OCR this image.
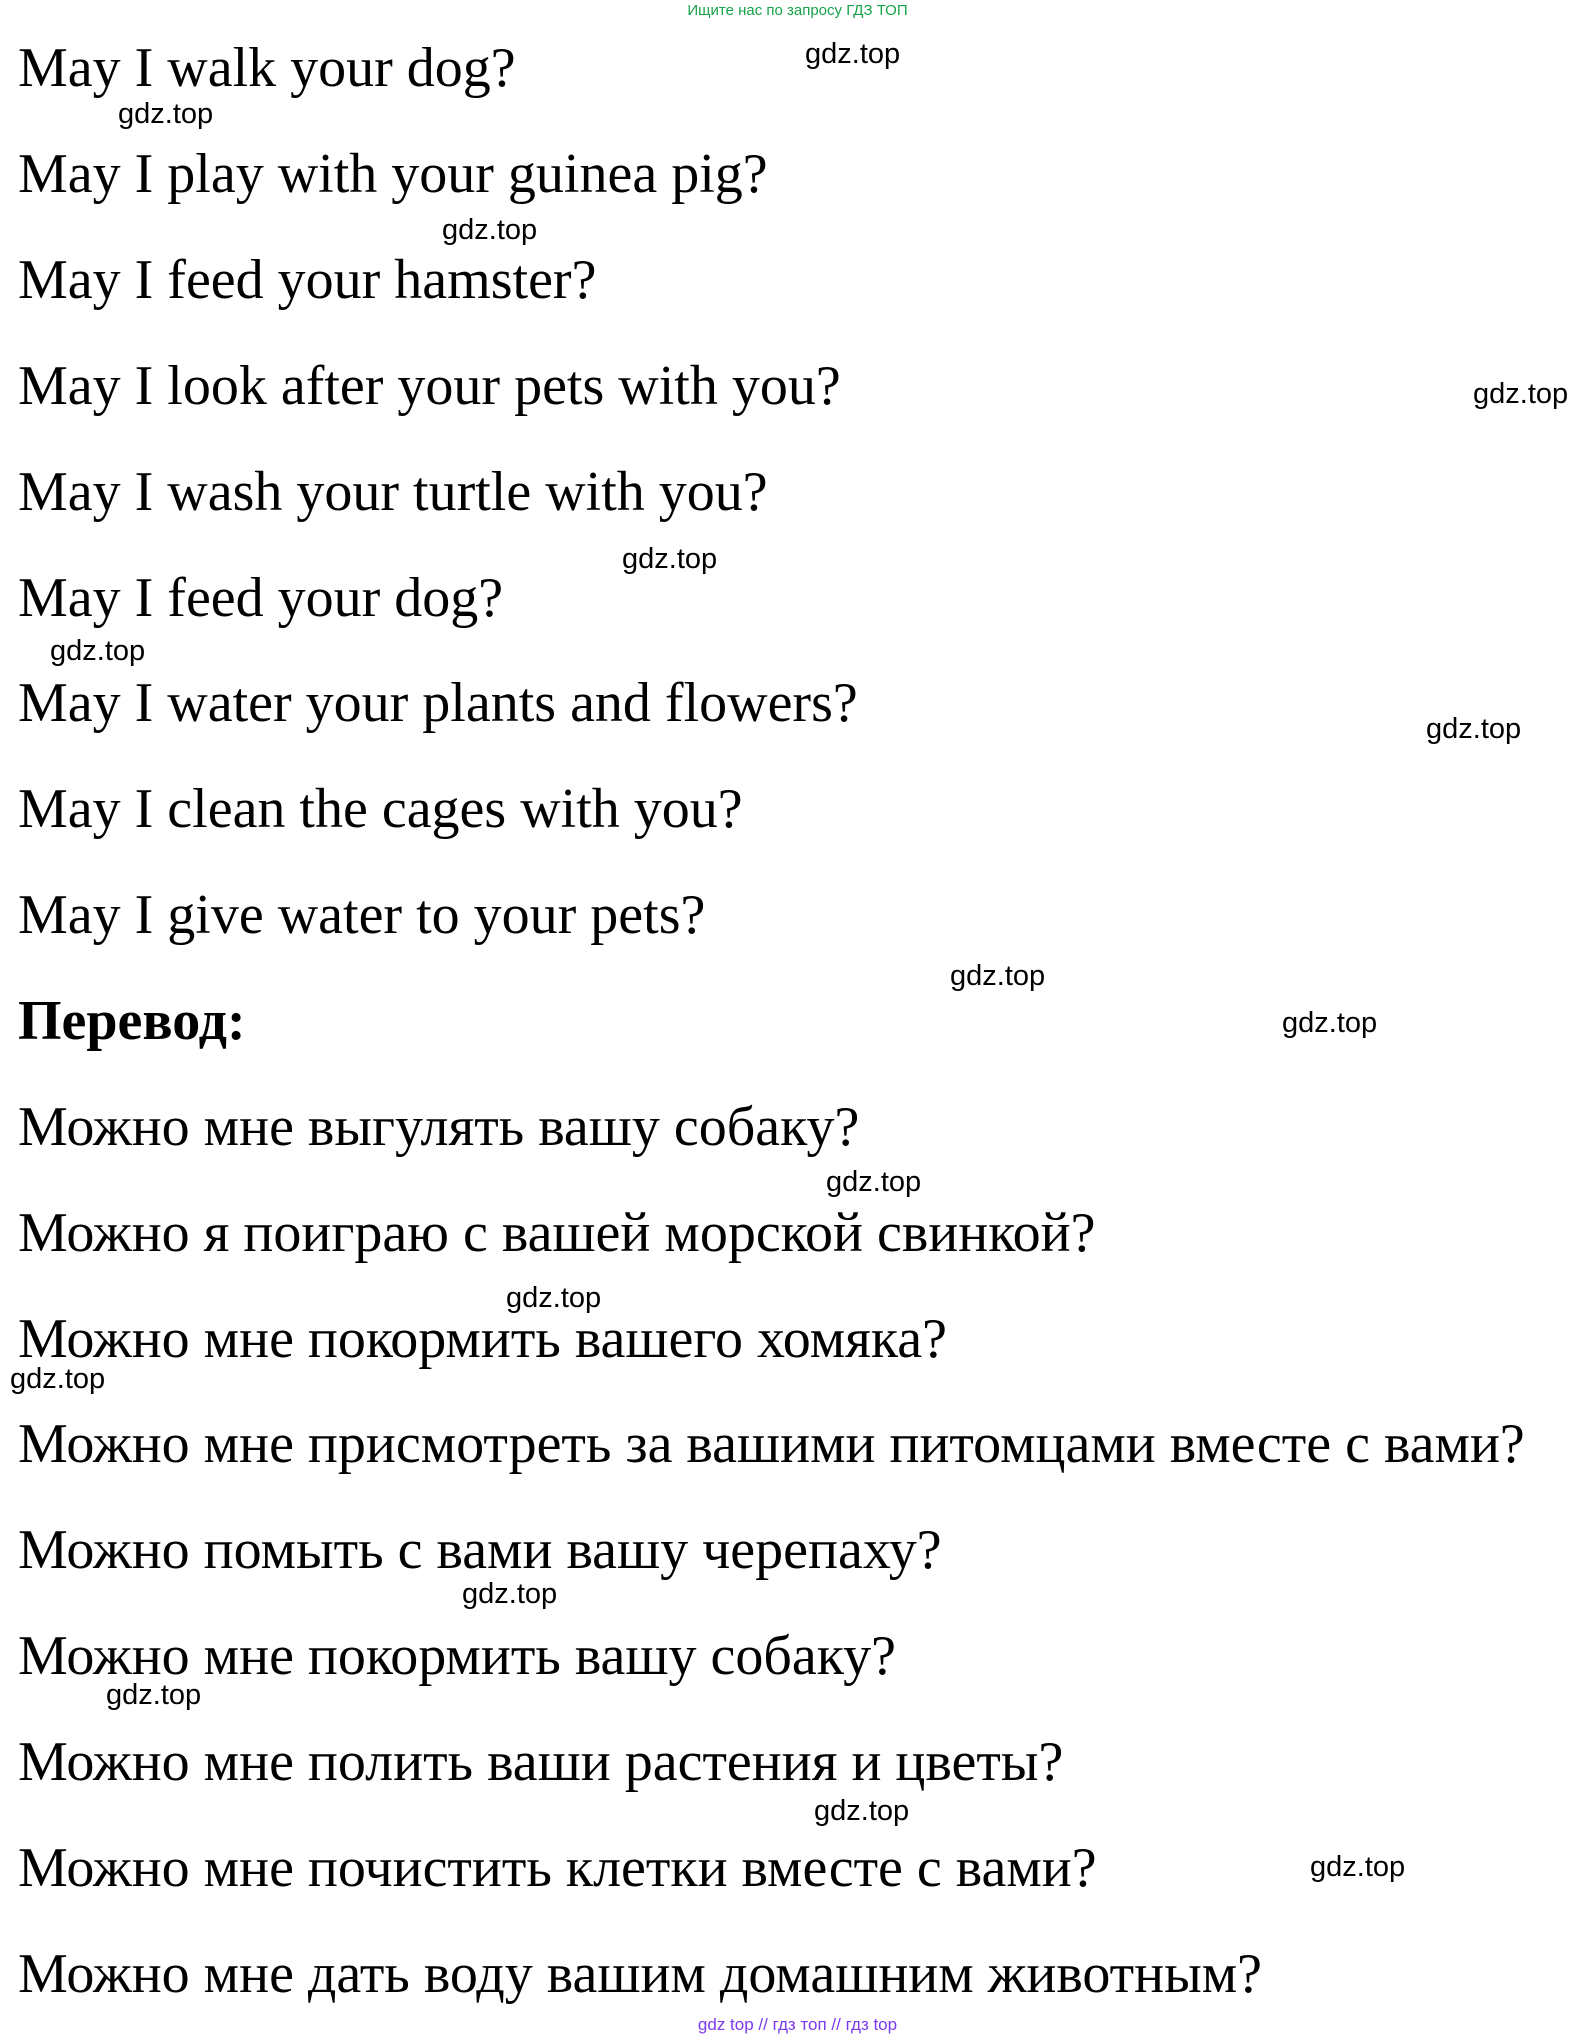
Ищите нас по запросу ГДЗ ТОП
May I walk your dog?
May I play with your guinea pig?
May I feed your hamster?
May I look after your pets with you?
May I wash your turtle with you?
May I feed your dog?
May I water your plants and flowers?
May I clean the cages with you?
May I give water to your pets?
Перевод:
Можно мне выгулять вашу собаку?
Можно я поиграю с вашей морской свинкой?
Можно мне покормить вашего хомяка?
Можно мне присмотреть за вашими питомцами вместе с вами?
Можно помыть с вами вашу черепаху?
Можно мне покормить вашу собаку?
Можно мне полить ваши растения и цветы?
Можно мне почистить клетки вместе с вами?
Можно мне дать воду вашим домашним животным?
gdz.top
gdz.top
gdz.top
gdz.top
gdz.top
gdz.top
gdz.top
gdz.top
gdz.top
gdz.top
gdz.top
gdz.top
gdz.top
gdz.top
gdz.top
gdz.top
gdz top // гдз топ // гдз top
